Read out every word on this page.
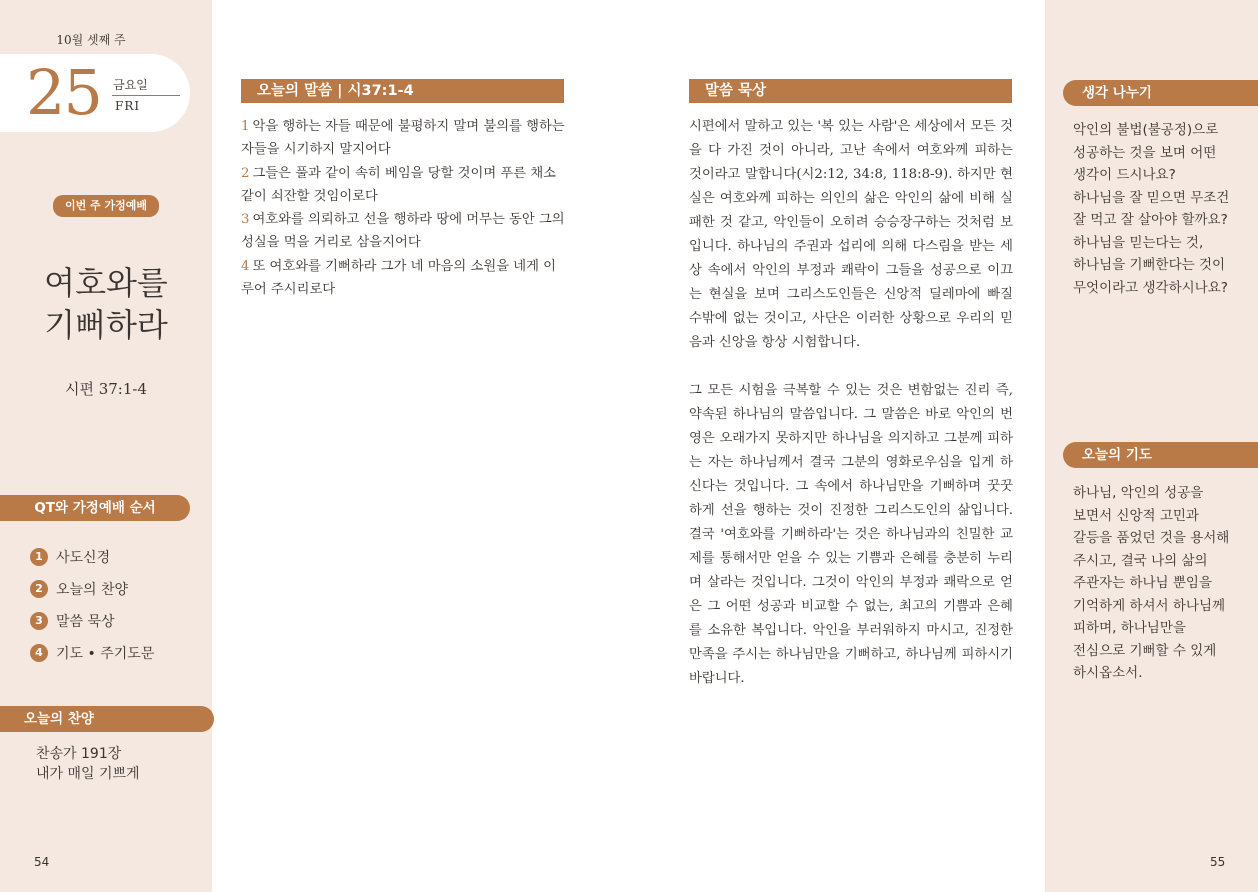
10월 셋째 주
25 금요일
FRI
이번 주 가정예배
여호와를
기뻐하라
시편 37:1-4
QT와 가정예배 순서
1 사도신경
2 오늘의 찬양
3 말씀 묵상
4 기도 • 주기도문
오늘의 찬양
찬송가 191장
내가 매일 기쁘게
54
오늘의 말씀 | 시37:1-4
1 악을 행하는 자들 때문에 불평하지 말며 불의를 행하는 자들을 시기하지 말지어다
2 그들은 풀과 같이 속히 베임을 당할 것이며 푸른 채소 같이 쇠잔할 것임이로다
3 여호와를 의뢰하고 선을 행하라 땅에 머무는 동안 그의 성실을 먹을 거리로 삼을지어다
4 또 여호와를 기뻐하라 그가 네 마음의 소원을 네게 이루어 주시리로다
말씀 묵상

시편에서 말하고 있는 '복 있는 사람'은 세상에서 모든 것을 다 가진 것이 아니라, 고난 속에서 여호와께 피하는 것이라고 말합니다(시2:12, 34:8, 118:8-9). 하지만 현실은 여호와께 피하는 의인의 삶은 악인의 삶에 비해 실패한 것 같고, 악인들이 오히려 승승장구하는 것처럼 보입니다. 하나님의 주권과 섭리에 의해 다스림을 받는 세상 속에서 악인의 부정과 쾌락이 그들을 성공으로 이끄는 현실을 보며 그리스도인들은 신앙적 딜레마에 빠질 수밖에 없는 것이고, 사단은 이러한 상황으로 우리의 믿음과 신앙을 항상 시험합니다.

그 모든 시험을 극복할 수 있는 것은 변함없는 진리 즉, 약속된 하나님의 말씀입니다. 그 말씀은 바로 악인의 번영은 오래가지 못하지만 하나님을 의지하고 그분께 피하는 자는 하나님께서 결국 그분의 영화로우심을 입게 하신다는 것입니다. 그 속에서 하나님만을 기뻐하며 꿋꿋하게 선을 행하는 것이 진정한 그리스도인의 삶입니다. 결국 '여호와를 기뻐하라'는 것은 하나님과의 친밀한 교제를 통해서만 얻을 수 있는 기쁨과 은혜를 충분히 누리며 살라는 것입니다. 그것이 악인의 부정과 쾌락으로 얻은 그 어떤 성공과 비교할 수 없는, 최고의 기쁨과 은혜를 소유한 복입니다. 악인을 부러워하지 마시고, 진정한 만족을 주시는 하나님만을 기뻐하고, 하나님께 피하시기 바랍니다.

55
생각 나누기
악인의 불법(불공정)으로
성공하는 것을 보며 어떤
생각이 드시나요?
하나님을 잘 믿으면 무조건
잘 먹고 잘 살아야 할까요?
하나님을 믿는다는 것,
하나님을 기뻐한다는 것이
무엇이라고 생각하시나요?
오늘의 기도
하나님, 악인의 성공을
보면서 신앙적 고민과
갈등을 품었던 것을 용서해
주시고, 결국 나의 삶의
주관자는 하나님 뿐임을
기억하게 하셔서 하나님께
피하며, 하나님만을
전심으로 기뻐할 수 있게
하시옵소서.
